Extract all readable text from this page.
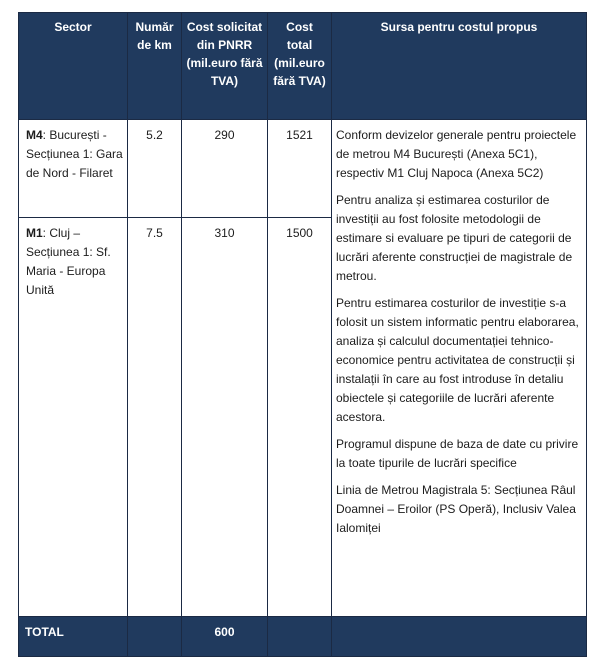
Sector	Număr de km	Cost solicitat din PNRR (mil.euro fără TVA)	Cost total (mil.euro fără TVA)	Sursa pentru costul propus
M4: București - Secțiunea 1: Gara de Nord - Filaret	5.2	290	1521	Conform devizelor generale pentru proiectele de metrou M4 București (Anexa 5C1), respectiv M1 Cluj Napoca (Anexa 5C2)

Pentru analiza și estimarea costurilor de investiții au fost folosite metodologii de estimare si evaluare pe tipuri de categorii de lucrări aferente construcției de magistrale de metrou.

Pentru estimarea costurilor de investiție s-a folosit un sistem informatic pentru elaborarea, analiza și calculul documentației tehnico-economice pentru activitatea de construcții și instalații în care au fost introduse în detaliu obiectele și categoriile de lucrări aferente acestora.

Programul dispune de baza de date cu privire la toate tipurile de lucrări specifice

Linia de Metrou Magistrala 5: Secțiunea Râul Doamnei – Eroilor (PS Operă), Inclusiv Valea Ialomiței

M1: Cluj – Secțiunea 1: Sf. Maria - Europa Unită	7.5	310	1500	
TOTAL		600		
